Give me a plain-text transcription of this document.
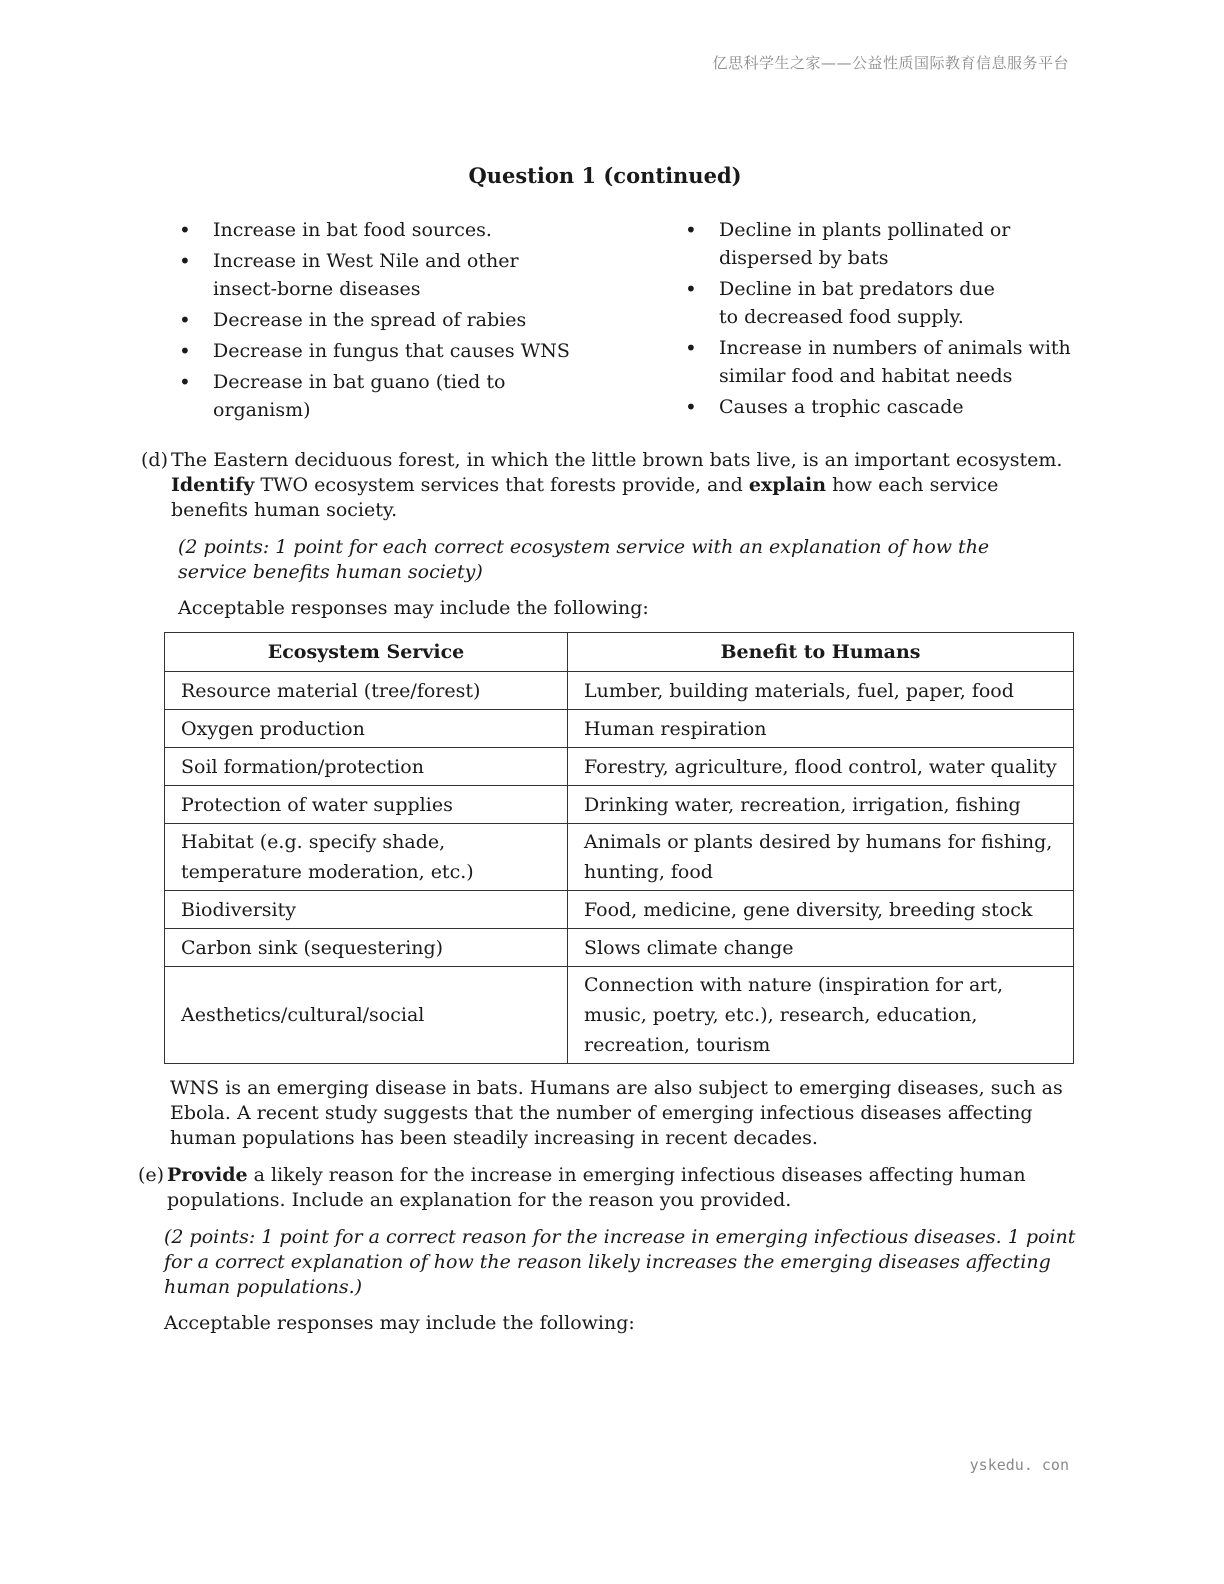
亿思科学生之家——公益性质国际教育信息服务平台
Question 1 (continued)
• Increase in bat food sources.
• Increase in West Nile and other insect-borne diseases
• Decrease in the spread of rabies
• Decrease in fungus that causes WNS
• Decrease in bat guano (tied to organism)
• Decline in plants pollinated or dispersed by bats
• Decline in bat predators due to decreased food supply.
• Increase in numbers of animals with similar food and habitat needs
• Causes a trophic cascade
(d) The Eastern deciduous forest, in which the little brown bats live, is an important ecosystem.
Identify TWO ecosystem services that forests provide, and explain how each service benefits human society.
(2 points: 1 point for each correct ecosystem service with an explanation of how the service benefits human society)
Acceptable responses may include the following:
Ecosystem Service	Benefit to Humans
Resource material (tree/forest)	Lumber, building materials, fuel, paper, food
Oxygen production	Human respiration
Soil formation/protection	Forestry, agriculture, flood control, water quality
Protection of water supplies	Drinking water, recreation, irrigation, fishing
Habitat (e.g. specify shade, temperature moderation, etc.)	Animals or plants desired by humans for fishing, hunting, food
Biodiversity	Food, medicine, gene diversity, breeding stock
Carbon sink (sequestering)	Slows climate change
Aesthetics/cultural/social	Connection with nature (inspiration for art, music, poetry, etc.), research, education, recreation, tourism
WNS is an emerging disease in bats. Humans are also subject to emerging diseases, such as Ebola. A recent study suggests that the number of emerging infectious diseases affecting human populations has been steadily increasing in recent decades.
(e) Provide a likely reason for the increase in emerging infectious diseases affecting human populations. Include an explanation for the reason you provided.
(2 points: 1 point for a correct reason for the increase in emerging infectious diseases. 1 point for a correct explanation of how the reason likely increases the emerging diseases affecting human populations.)
Acceptable responses may include the following:
yskedu. con
